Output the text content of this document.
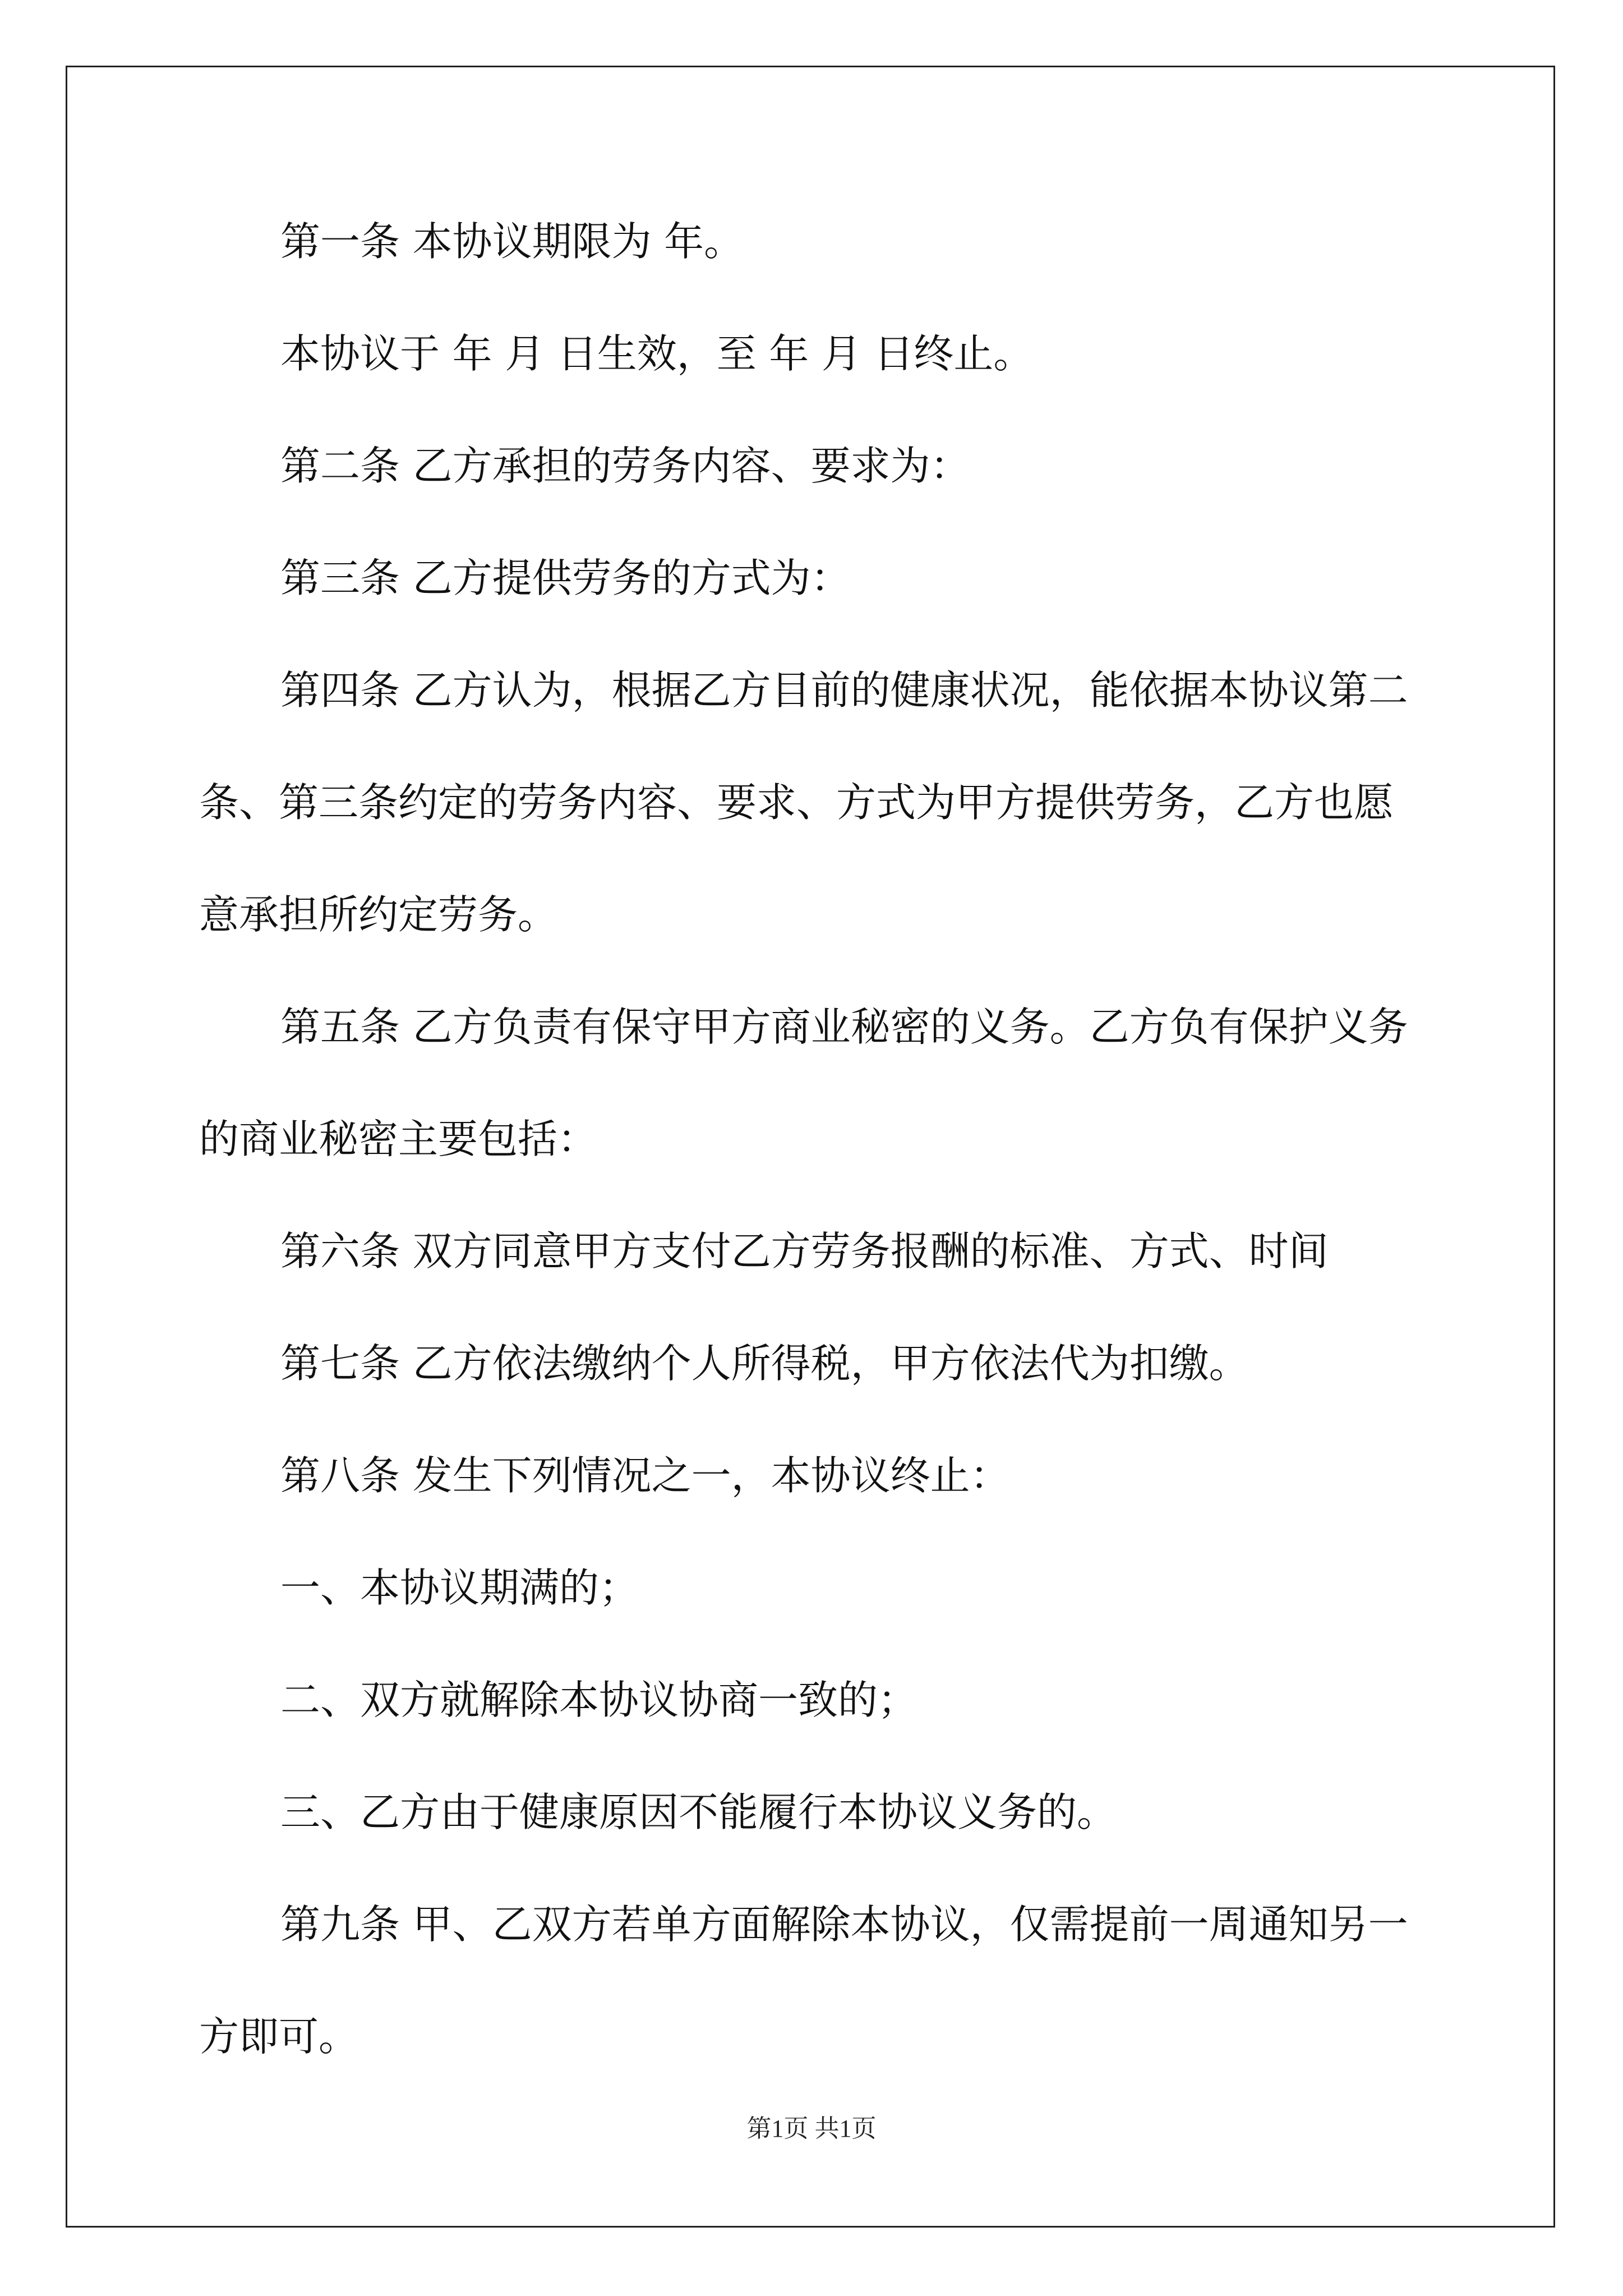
第一条 本协议期限为 年。
本协议于 年 月 日生效，至 年 月 日终止。
第二条 乙方承担的劳务内容、要求为：
第三条 乙方提供劳务的方式为：
第四条 乙方认为，根据乙方目前的健康状况，能依据本协议第二
条、第三条约定的劳务内容、要求、方式为甲方提供劳务，乙方也愿
意承担所约定劳务。
第五条 乙方负责有保守甲方商业秘密的义务。乙方负有保护义务
的商业秘密主要包括：
第六条 双方同意甲方支付乙方劳务报酬的标准、方式、时间
第七条 乙方依法缴纳个人所得税，甲方依法代为扣缴。
第八条 发生下列情况之一，本协议终止：
一、本协议期满的；
二、双方就解除本协议协商一致的；
三、乙方由于健康原因不能履行本协议义务的。
第九条 甲、乙双方若单方面解除本协议，仅需提前一周通知另一
方即可。
第1页 共1页
